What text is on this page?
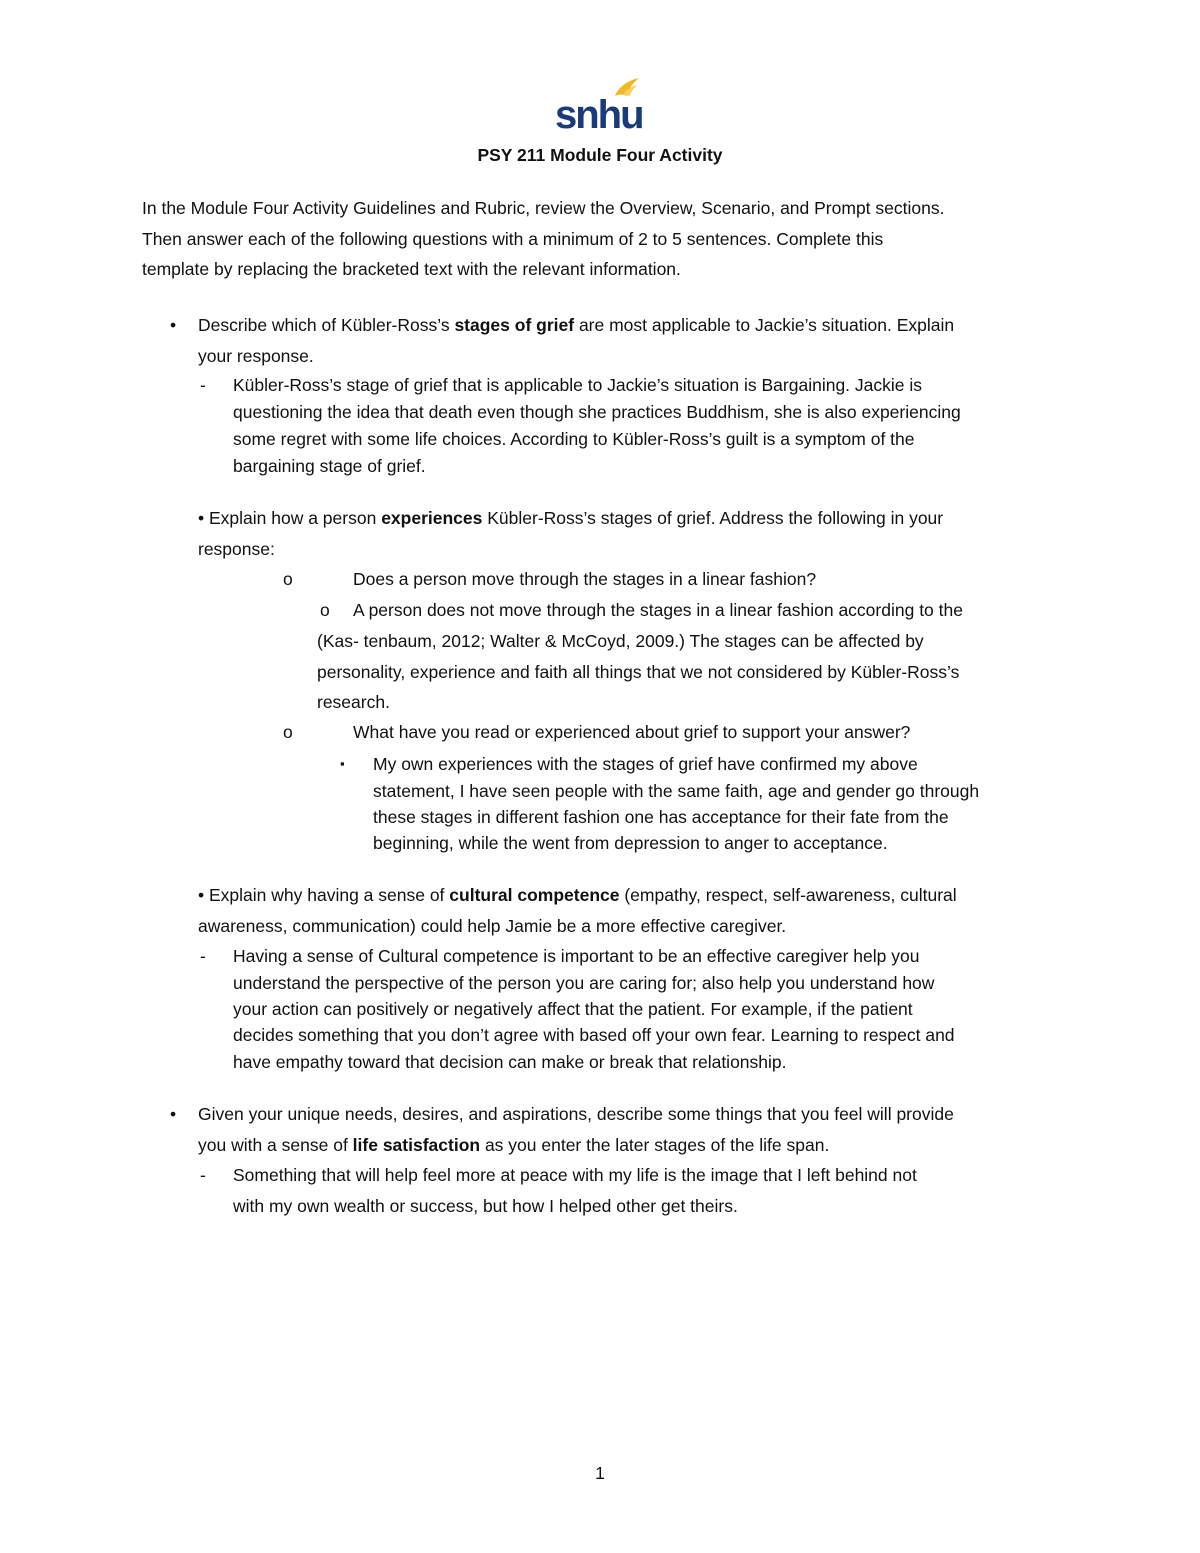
snhu
PSY 211 Module Four Activity
In the Module Four Activity Guidelines and Rubric, review the Overview, Scenario, and Prompt sections.
Then answer each of the following questions with a minimum of 2 to 5 sentences. Complete this
template by replacing the bracketed text with the relevant information.
• Describe which of Kübler-Ross’s stages of grief are most applicable to Jackie’s situation. Explain
your response.
- Kübler-Ross’s stage of grief that is applicable to Jackie’s situation is Bargaining. Jackie is
questioning the idea that death even though she practices Buddhism, she is also experiencing
some regret with some life choices. According to Kübler-Ross’s guilt is a symptom of the
bargaining stage of grief.
• Explain how a person experiences Kübler-Ross’s stages of grief. Address the following in your
response:
o	Does a person move through the stages in a linear fashion?
o A person does not move through the stages in a linear fashion according to the
(Kas- tenbaum, 2012; Walter & McCoyd, 2009.) The stages can be affected by
personality, experience and faith all things that we not considered by Kübler-Ross’s
research.
o	What have you read or experienced about grief to support your answer?
▪ My own experiences with the stages of grief have confirmed my above
statement, I have seen people with the same faith, age and gender go through
these stages in different fashion one has acceptance for their fate from the
beginning, while the went from depression to anger to acceptance.
• Explain why having a sense of cultural competence (empathy, respect, self-awareness, cultural
awareness, communication) could help Jamie be a more effective caregiver.
- Having a sense of Cultural competence is important to be an effective caregiver help you
understand the perspective of the person you are caring for; also help you understand how
your action can positively or negatively affect that the patient. For example, if the patient
decides something that you don’t agree with based off your own fear. Learning to respect and
have empathy toward that decision can make or break that relationship.
• Given your unique needs, desires, and aspirations, describe some things that you feel will provide
you with a sense of life satisfaction as you enter the later stages of the life span.
- Something that will help feel more at peace with my life is the image that I left behind not
with my own wealth or success, but how I helped other get theirs.
1
